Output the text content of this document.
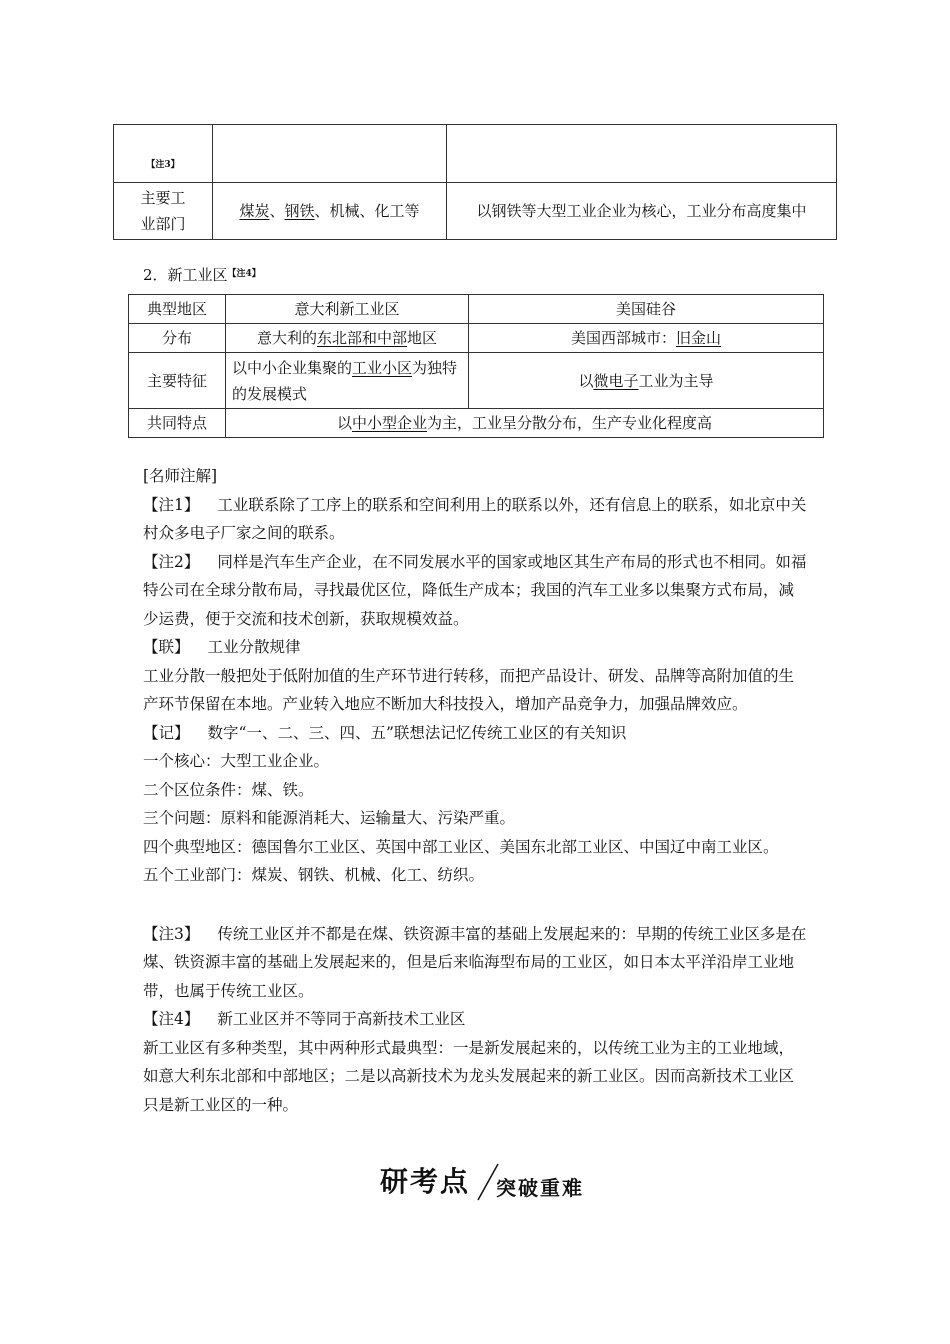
【注3】		
主要工
业部门	煤炭、钢铁、机械、化工等	以钢铁等大型工业企业为核心，工业分布高度集中
2．新工业区$^{【注4】}$
典型地区	意大利新工业区	美国硅谷
分布	意大利的东北部和中部地区	美国西部城市：旧金山
主要特征	以中小企业集聚的工业小区为独特的发展模式	以微电子工业为主导
共同特点	以中小型企业为主，工业呈分散分布，生产专业化程度高	

[名师注解]

【注1】 工业联系除了工序上的联系和空间利用上的联系以外，还有信息上的联系，如北京中关村众多电子厂家之间的联系。

【注2】 同样是汽车生产企业，在不同发展水平的国家或地区其生产布局的形式也不相同。如福特公司在全球分散布局，寻找最优区位，降低生产成本；我国的汽车工业多以集聚方式布局，减少运费，便于交流和技术创新，获取规模效益。

【联】 工业分散规律

工业分散一般把处于低附加值的生产环节进行转移，而把产品设计、研发、品牌等高附加值的生产环节保留在本地。产业转入地应不断加大科技投入，增加产品竞争力，加强品牌效应。

【记】 数字“一、二、三、四、五”联想法记忆传统工业区的有关知识

一个核心：大型工业企业。

二个区位条件：煤、铁。

三个问题：原料和能源消耗大、运输量大、污染严重。

四个典型地区：德国鲁尔工业区、英国中部工业区、美国东北部工业区、中国辽中南工业区。

五个工业部门：煤炭、钢铁、机械、化工、纺织。

【注3】 传统工业区并不都是在煤、铁资源丰富的基础上发展起来的：早期的传统工业区多是在煤、铁资源丰富的基础上发展起来的，但是后来临海型布局的工业区，如日本太平洋沿岸工业地带，也属于传统工业区。

【注4】 新工业区并不等同于高新技术工业区

新工业区有多种类型，其中两种形式最典型：一是新发展起来的，以传统工业为主的工业地域，如意大利东北部和中部地区；二是以高新技术为龙头发展起来的新工业区。因而高新技术工业区只是新工业区的一种。

研考点 突破重难
